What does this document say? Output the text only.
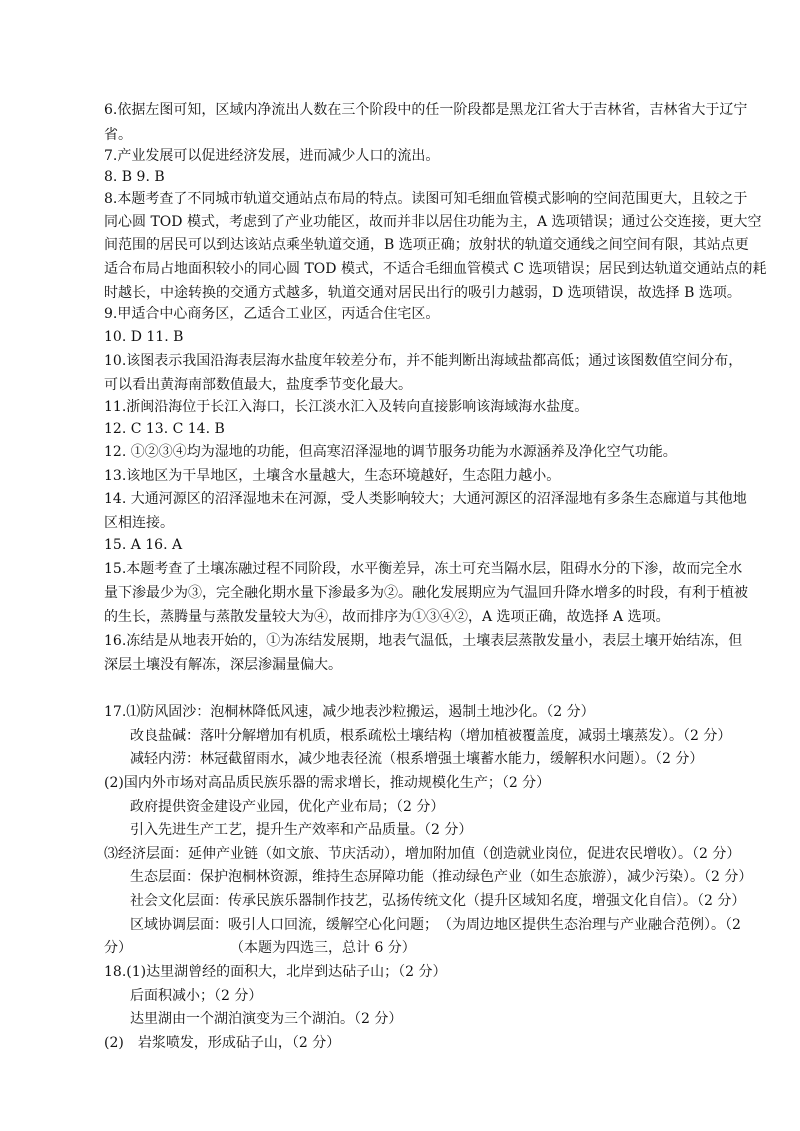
6.依据左图可知，区域内净流出人数在三个阶段中的任一阶段都是黑龙江省大于吉林省，吉林省大于辽宁
省。
7.产业发展可以促进经济发展，进而减少人口的流出。
8. B 9. B
8.本题考查了不同城市轨道交通站点布局的特点。读图可知毛细血管模式影响的空间范围更大，且较之于
同心圆 TOD 模式，考虑到了产业功能区，故而并非以居住功能为主，A 选项错误；通过公交连接，更大空
间范围的居民可以到达该站点乘坐轨道交通，B 选项正确；放射状的轨道交通线之间空间有限，其站点更
适合布局占地面积较小的同心圆 TOD 模式，不适合毛细血管模式 C 选项错误；居民到达轨道交通站点的耗
时越长，中途转换的交通方式越多，轨道交通对居民出行的吸引力越弱，D 选项错误，故选择 B 选项。
9.甲适合中心商务区，乙适合工业区，丙适合住宅区。
10. D 11. B
10.该图表示我国沿海表层海水盐度年较差分布，并不能判断出海域盐都高低；通过该图数值空间分布，
可以看出黄海南部数值最大，盐度季节变化最大。
11.浙闽沿海位于长江入海口，长江淡水汇入及转向直接影响该海域海水盐度。
12. C 13. C 14. B
12. ①②③④均为湿地的功能，但高寒沼泽湿地的调节服务功能为水源涵养及净化空气功能。
13.该地区为干旱地区，土壤含水量越大，生态环境越好，生态阻力越小。
14. 大通河源区的沼泽湿地未在河源，受人类影响较大；大通河源区的沼泽湿地有多条生态廊道与其他地
区相连接。
15. A 16. A
15.本题考查了土壤冻融过程不同阶段，水平衡差异，冻土可充当隔水层，阻碍水分的下渗，故而完全水
量下渗最少为③，完全融化期水量下渗最多为②。融化发展期应为气温回升降水增多的时段，有利于植被
的生长，蒸腾量与蒸散发量较大为④，故而排序为①③④②，A 选项正确，故选择 A 选项。
16.冻结是从地表开始的，①为冻结发展期，地表气温低，土壤表层蒸散发量小，表层土壤开始结冻，但
深层土壤没有解冻，深层渗漏量偏大。
17.⑴防风固沙：泡桐林降低风速，减少地表沙粒搬运，遏制土地沙化。（2 分）
改良盐碱：落叶分解增加有机质，根系疏松土壤结构（增加植被覆盖度，减弱土壤蒸发）。（2 分）
减轻内涝：林冠截留雨水，减少地表径流（根系增强土壤蓄水能力，缓解积水问题）。（2 分）
(2)国内外市场对高品质民族乐器的需求增长，推动规模化生产；（2 分）
政府提供资金建设产业园，优化产业布局；（2 分）
引入先进生产工艺，提升生产效率和产品质量。（2 分）
⑶经济层面：延伸产业链（如文旅、节庆活动），增加附加值（创造就业岗位，促进农民增收）。（2 分）
生态层面：保护泡桐林资源，维持生态屏障功能（推动绿色产业（如生态旅游），减少污染）。（2 分）
社会文化层面：传承民族乐器制作技艺，弘扬传统文化（提升区域知名度，增强文化自信）。（2 分）
区域协调层面：吸引人口回流，缓解空心化问题；　（为周边地区提供生态治理与产业融合范例）。（2
分）　　　　　　　　（本题为四选三，总计 6 分）
18.(1)达里湖曾经的面积大，北岸到达砧子山；（2 分）
后面积减小；（2 分）
达里湖由一个湖泊演变为三个湖泊。（2 分）
(2)　岩浆喷发，形成砧子山，（2 分）
